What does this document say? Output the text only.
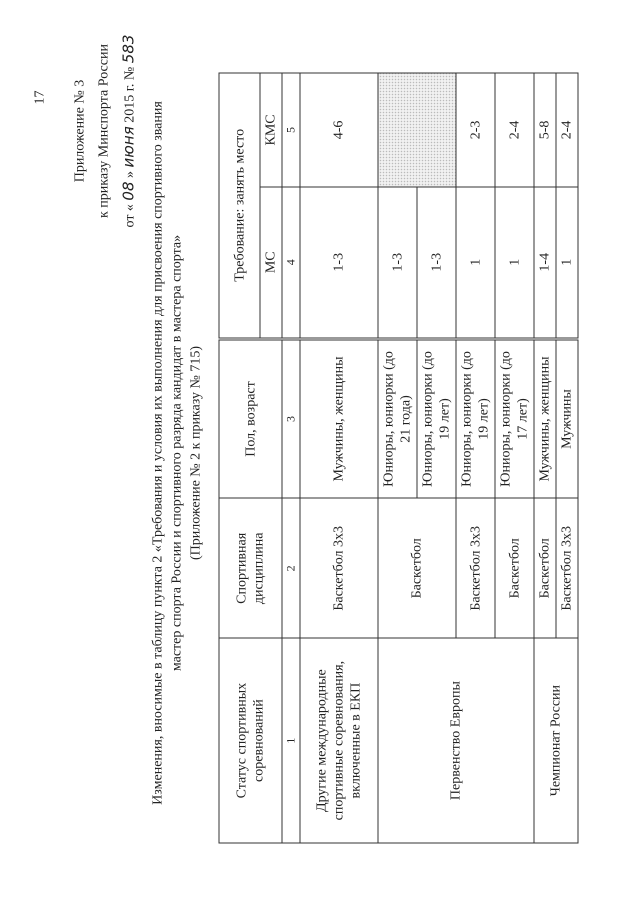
17 Приложение № 3 к приказу Минспорта России от « 08 » июня 2015 г. № 583
Изменения, вносимые в таблицу пункта 2 «Требования и условия их выполнения для присвоения спортивного звания мастер спорта России и спортивного разряда кандидат в мастера спорта» (Приложение № 2 к приказу № 715)
Статус спортивных соревнований	Спортивная дисциплина	Пол, возраст	Требование: занять место	
			МС	КМС
1	2	3	4	5
Другие международные спортивные соревнования, включенные в ЕКП	Баскетбол 3х3	Мужчины, женщины	1-3	4-6
Первенство Европы	Баскетбол	Юниоры, юниорки (до 21 года)	1-3	
		Юниоры, юниорки (до 19 лет)	1-3	
	Баскетбол 3х3	Юниоры, юниорки (до 19 лет)	1	2-3
	Баскетбол	Юниоры, юниорки (до 17 лет)	1	2-4
Чемпионат России	Баскетбол	Мужчины, женщины	1-4	5-8
	Баскетбол 3х3	Мужчины	1	2-4
